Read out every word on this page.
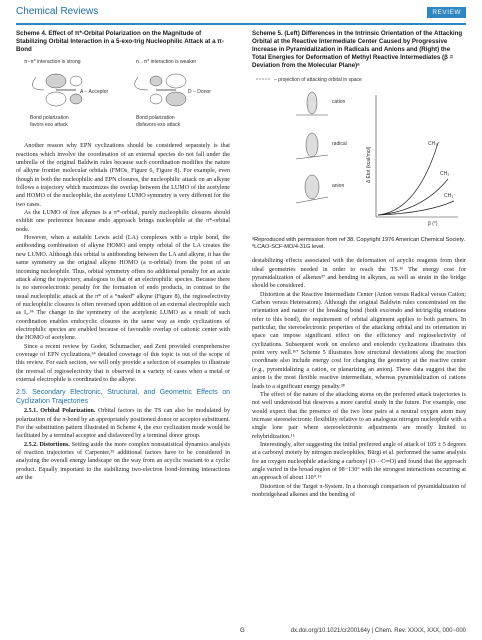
Chemical Reviews	REVIEW
Scheme 4. Effect of π*-Orbital Polarization on the Magnitude of Stabilizing Orbital Interaction in a 5-exo-trig Nucleophilic Attack at a π-Bond
π−π* interaction is strong	n→π* interaction is weaker
A − Acceptor	D − Donor
Bond polarization
favors exo attack
Bond polarization
disfavors exo attack

Another reason why EPN cyclizations should be considered separately is that reactions which involve the coordination of an external species do not fall under the umbrella of the original Baldwin rules because such coordination modifies the nature of alkyne frontier molecular orbitals (FMOs, Figure 6, Figure 8). For example, even though in both the nucleophilic and EPN closures, the nucleophilic attack on an alkyne follows a trajectory which maximizes the overlap between the LUMO of the acetylene and HOMO of the nucleophile, the acetylene LUMO symmetry is very different for the two cases.

As the LUMO of free alkynes is a π*-orbital, purely nucleophilic closures should exhibit one preference because endo approach brings nucleophile at the π*-orbital node.

However, when a suitable Lewis acid (LA) complexes with a triple bond, the antibonding combination of alkyne HOMO and empty orbital of the LA creates the new LUMO. Although this orbital is antibonding between the LA and alkyne, it has the same symmetry as the original alkyne HOMO (a π-orbital) from the point of an incoming nucleophile. Thus, orbital symmetry offers no additional penalty for an acute attack along the trajectory, analogous to that of an electrophilic species. Because there is no stereoelectronic penalty for the formation of endo products, in contrast to the usual nucleophilic attack at the π* of a “naked” alkyne (Figure 8), the regioselectivity of nucleophilic closures is often reversed upon addition of an external electrophile such as I₂.³⁴ The change in the symmetry of the acetylenic LUMO as a result of such coordination enables endocyclic closures in the same way as endo cyclizations of electrophilic species are enabled because of favorable overlap of cationic center with the HOMO of acetylene.

Since a recent review by Godoi, Schumacher, and Zeni provided comprehensive coverage of EPN cyclizations,³⁴ detailed coverage of this topic is out of the scope of this review. For each section, we will only provide a selection of examples to illustrate the reversal of regioselectivity that is observed in a variety of cases when a metal or external electrophile is coordinated to the alkyne.

2.5. Secondary Electronic, Structural, and Geometric Effects on Cyclization Trajectories

2.5.1. Orbital Polarization. Orbital factors in the TS can also be modulated by polarization of the π-bond by an appropriately positioned donor or acceptor substituent. For the substitution pattern illustrated in Scheme 4, the exo cyclization mode would be facilitated by a terminal acceptor and disfavored by a terminal donor group.

2.5.2. Distortions. Setting aside the more complex nonstatistical dynamics analysis of reaction trajectories of Carpenter,³⁵ additional factors have to be considered in analyzing the overall energy landscape on the way from an acyclic reactant to a cyclic product. Equally important to the stabilizing two-electron bond-forming interactions are the

Scheme 5. (Left) Differences in the Intrinsic Orientation of the Attacking Orbital at the Reactive Intermediate Center Caused by Progressive Increase in Pyramidalization in Radicals and Anions and (Right) the Total Energies for Deformation of Methyl Reactive Intermediates (β = Deviation from the Molecular Plane)ᵃ
– projection of attacking orbital in space
cation
radical
anion
Δ Etot (kcal/mol)
β (°)
CH₃⁺
CH₃
CH₃⁻
ᵃReproduced with permission from ref 38. Copyright 1976 American Chemical Society. ᵇLCAO-SCF-MO/4-31G level.

destabilizing effects associated with the deformation of acyclic reagents from their ideal geometries needed in order to reach the TS.³⁶ The energy cost for pyramidalization of alkenes³⁷ and bending in alkynes, as well as strain in the bridge should be considered.

Distortion at the Reactive Intermediate Center (Anion versus Radical versus Cation; Carbon versus Heteroatom). Although the original Baldwin rules concentrated on the orientation and nature of the breaking bond (both exo/endo and tet/trig/dig notations refer to this bond), the requirement of orbital alignment applies to both partners. In particular, the stereoelectronic properties of the attacking orbital and its orientation in space can impose significant effect on the efficiency and regioselectivity of cyclizations. Subsequent work on enolexo and enolendo cyclizations illustrates this point very well.¹⁶⁷ Scheme 5 illustrates how structural deviations along the reaction coordinate also include energy cost for changing the geometry at the reactive center (e.g., pyramidalizing a cation, or planarizing an anion). These data suggest that the anion is the most flexible reactive intermediate, whereas pyramidalization of cations leads to a significant energy penalty.³⁸

The effect of the nature of the attacking atoms on the preferred attack trajectories is not well understood but deserves a more careful study in the future. For example, one would expect that the presence of the two lone pairs at a neutral oxygen atom may increase stereoelectronic flexibility relative to an analogous nitrogen nucleophile with a single lone pair where stereoelectronic adjustments are mostly limited to rehybridization.¹⁶

Interestingly, after suggesting the initial preferred angle of attack of 105 ± 5 degrees at a carbonyl moiety by nitrogen nucleophiles, Bürgi et al. performed the same analysis for an oxygen nucleophile attacking a carbonyl (O···C═O) and found that the approach angle varied in the broad region of 98−130° with the strongest interactions occurring at an approach of about 110°.¹⁶

Distortion of the Target π-System. In a thorough comparison of pyramidalization of nonbridgehead alkenes and the bending of

G	dx.doi.org/10.1021/cr200164y | Chem. Rev. XXXX, XXX, 000−000
